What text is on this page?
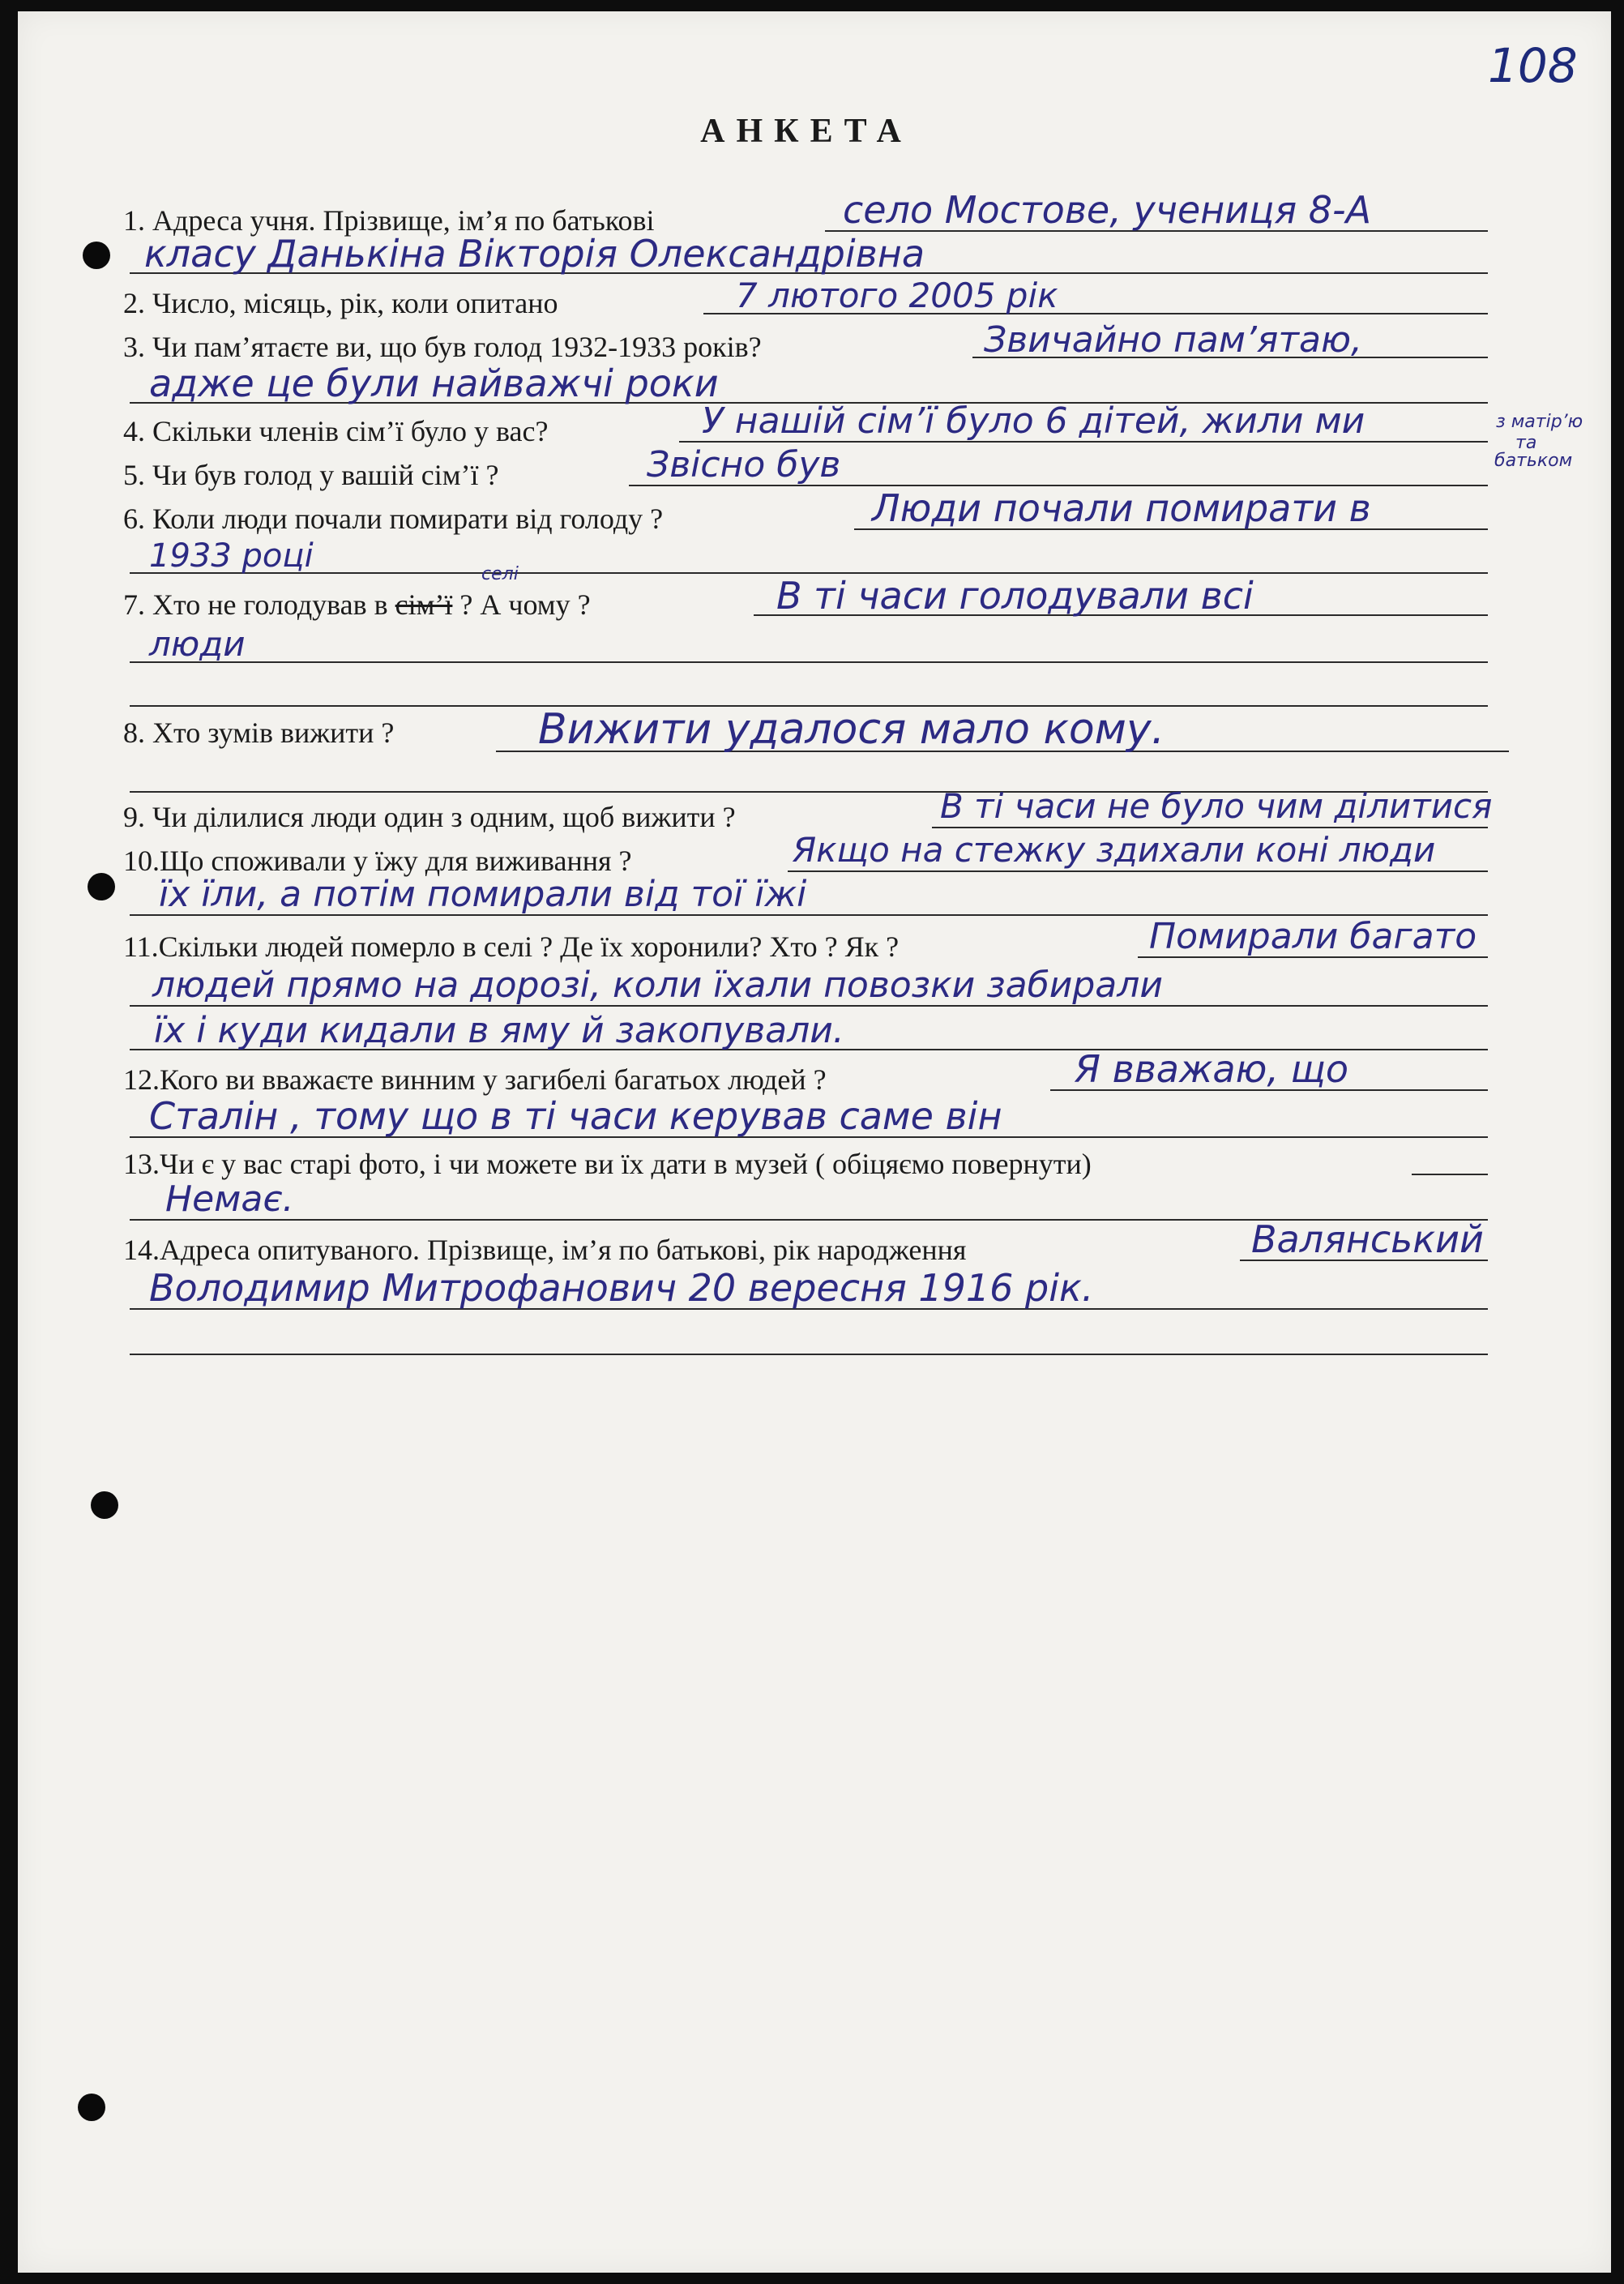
108
АНКЕТА
1. Адреса учня. Прізвище, ім’я по батькові	село Мостове, учениця 8-А
класу Данькіна Вікторія Олександрівна
2. Число, місяць, рік, коли опитано	7 лютого 2005 рік
3. Чи пам’ятаєте ви, що був голод 1932-1933 років?	Звичайно пам’ятаю,
адже це були найважчі роки
4. Скільки членів сім’ї було у вас?	У нашій сім’ї було 6 дітей, жили ми	з матір’ю
та
батьком
5. Чи був голод у вашій сім’ї ?	Звісно був
6. Коли люди почали помирати від голоду ?	Люди почали помирати в
1933 році
7. Хто не голодував в сім’ї ? А чому ?
селі	В ті часи голодували всі
люди
8. Хто зумів вижити ?	Вижити удалося мало кому.
9. Чи ділилися люди один з одним, щоб вижити ?	В ті часи не було чим ділитися
10.Що споживали у їжу для виживання ?	Якщо на стежку здихали коні люди
їх їли, а потім помирали від тої їжі
11.Скільки людей померло в селі ? Де їх хоронили? Хто ? Як ?	Помирали багато
людей прямо на дорозі, коли їхали повозки забирали
їх і куди кидали в яму й закопували.
12.Кого ви вважаєте винним у загибелі багатьох людей ?	Я вважаю, що
Сталін , тому що в ті часи керував саме він
13.Чи є у вас старі фото, і чи можете ви їх дати в музей ( обіцяємо повернути)
Немає.
14.Адреса опитуваного. Прізвище, ім’я по батькові, рік народження	Валянський
Володимир Митрофанович 20 вересня 1916 рік.
